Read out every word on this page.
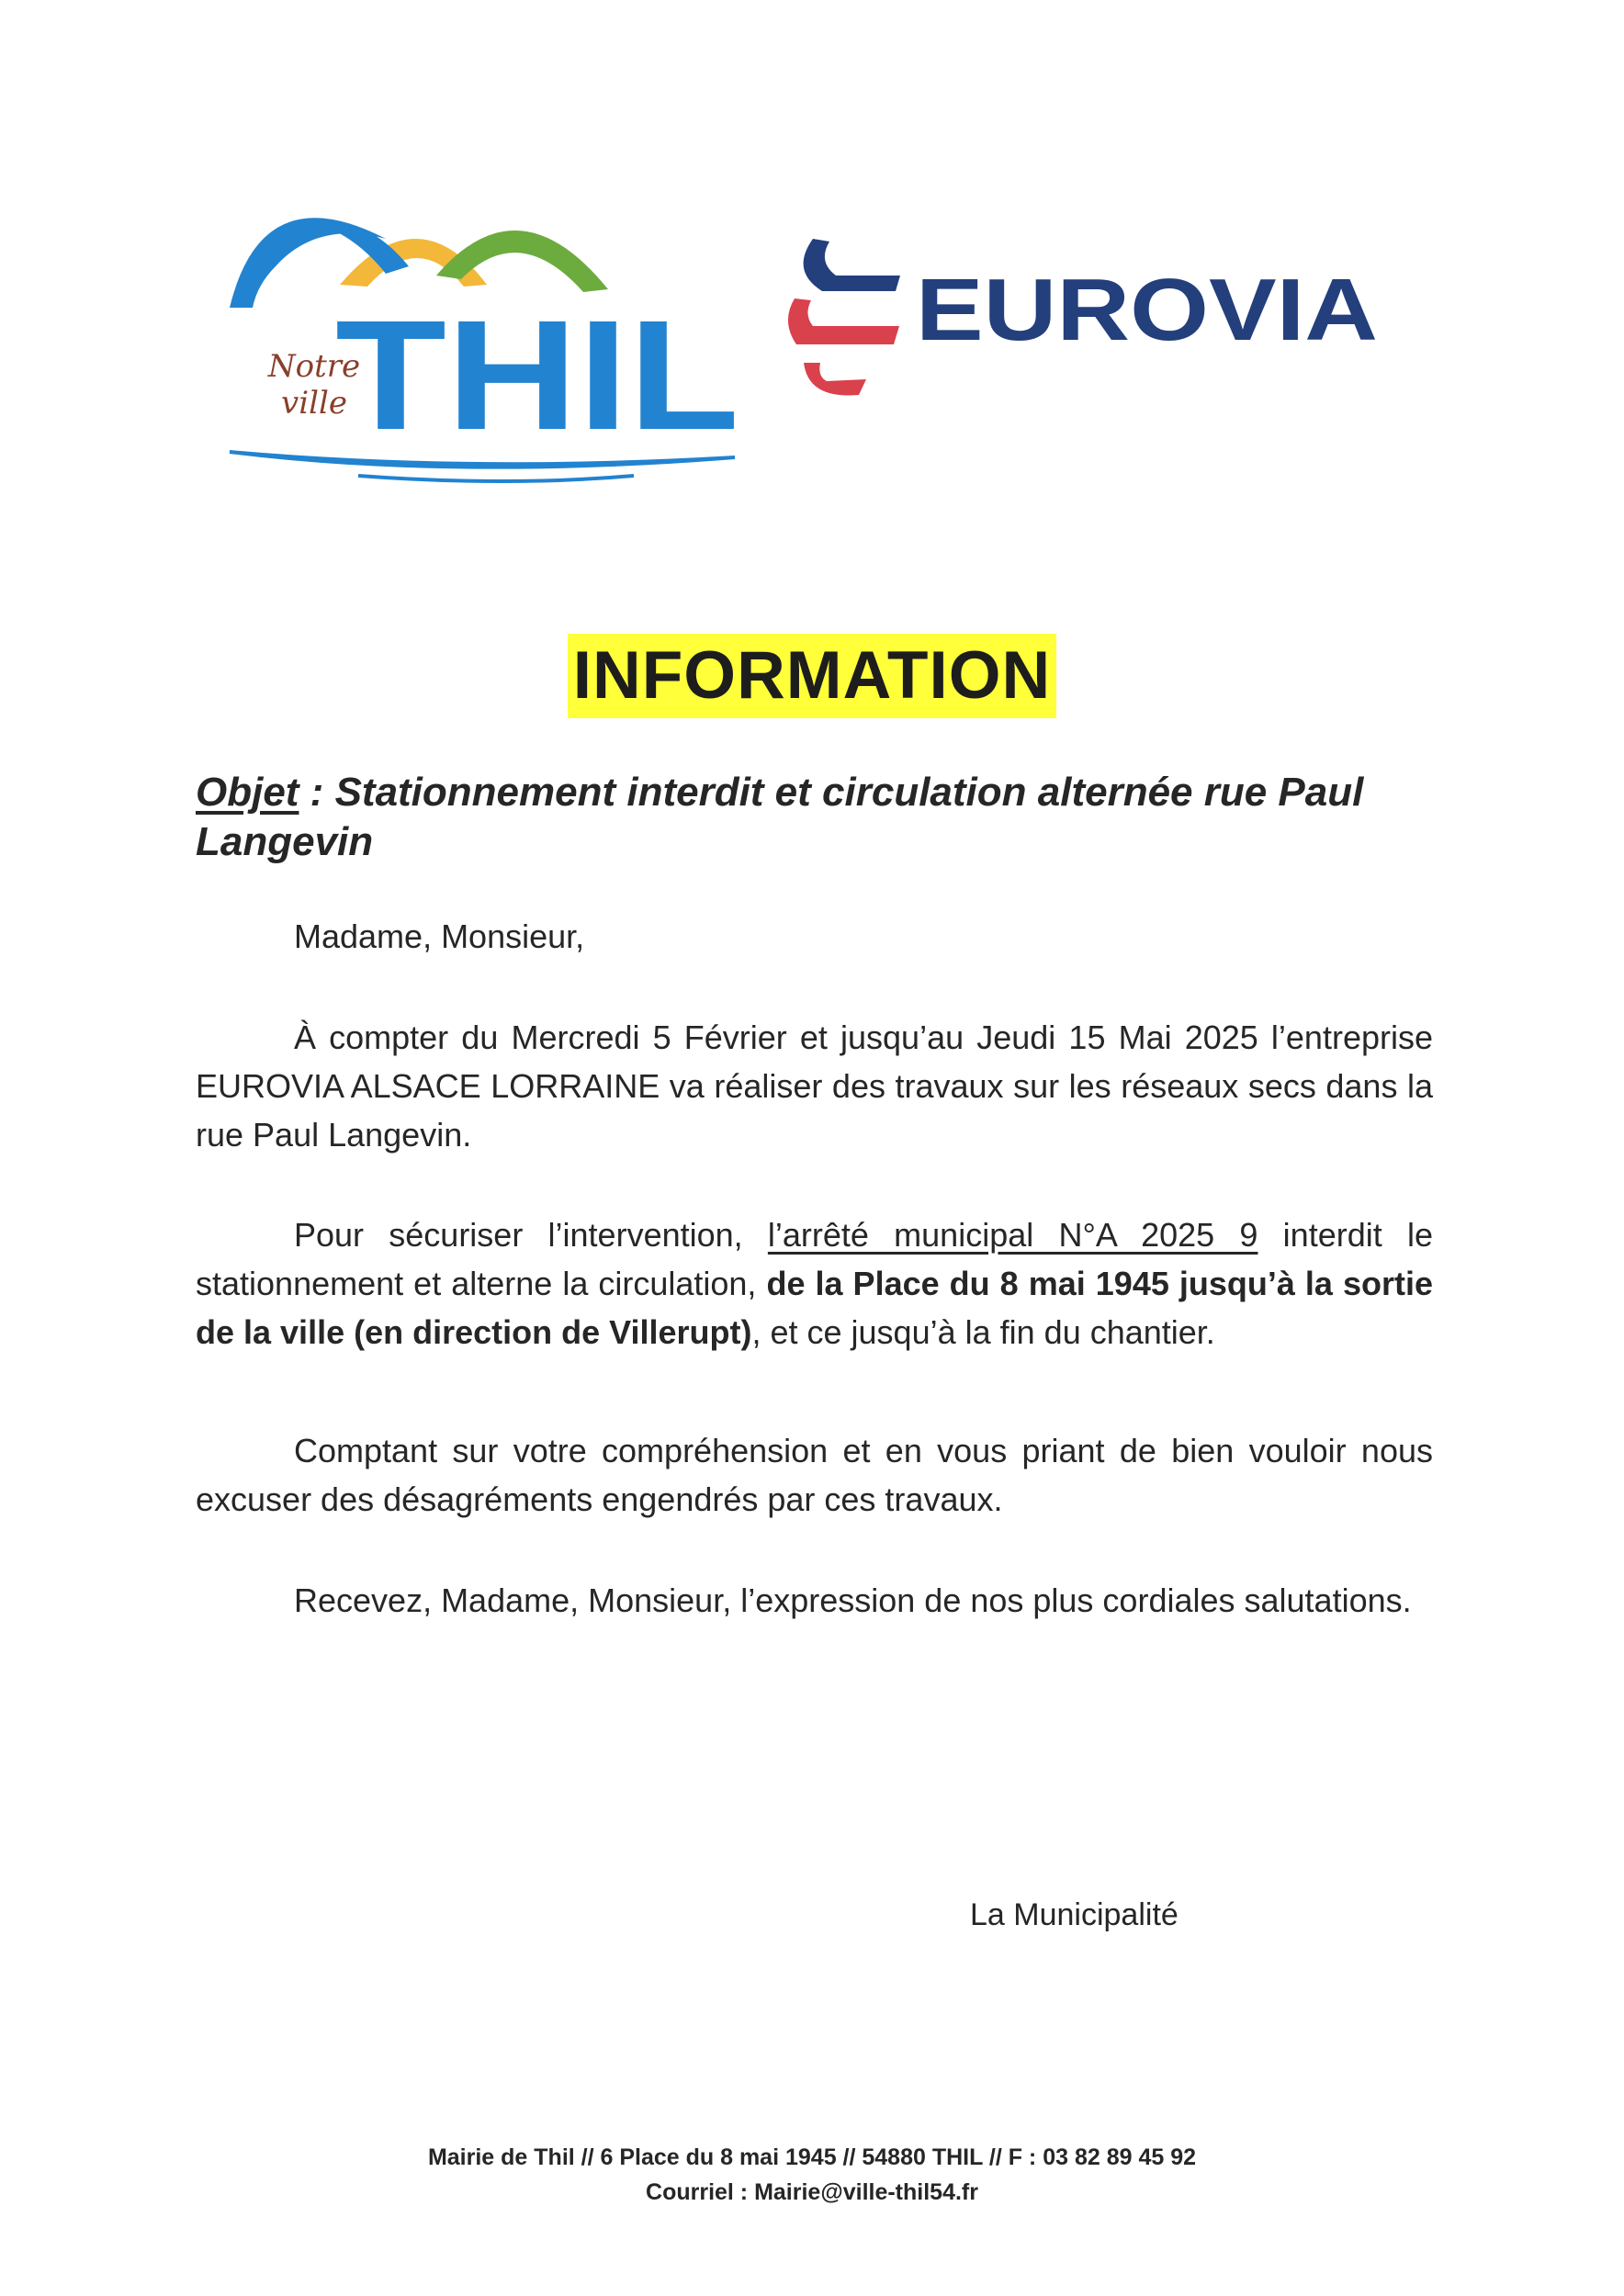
Notre
ville
THIL EUROVIA
INFORMATION
Objet : Stationnement interdit et circulation alternée rue Paul Langevin
Madame, Monsieur,
À compter du Mercredi 5 Février et jusqu’au Jeudi 15 Mai 2025 l’entreprise EUROVIA ALSACE LORRAINE va réaliser des travaux sur les réseaux secs dans la rue Paul Langevin.
Pour sécuriser l’intervention, l’arrêté municipal N°A 2025 9 interdit le stationnement et alterne la circulation, de la Place du 8 mai 1945 jusqu’à la sortie de la ville (en direction de Villerupt), et ce jusqu’à la fin du chantier.
Comptant sur votre compréhension et en vous priant de bien vouloir nous excuser des désagréments engendrés par ces travaux.
Recevez, Madame, Monsieur, l’expression de nos plus cordiales salutations.
La Municipalité
Mairie de Thil // 6 Place du 8 mai 1945 // 54880 THIL // F : 03 82 89 45 92
Courriel : Mairie@ville-thil54.fr
